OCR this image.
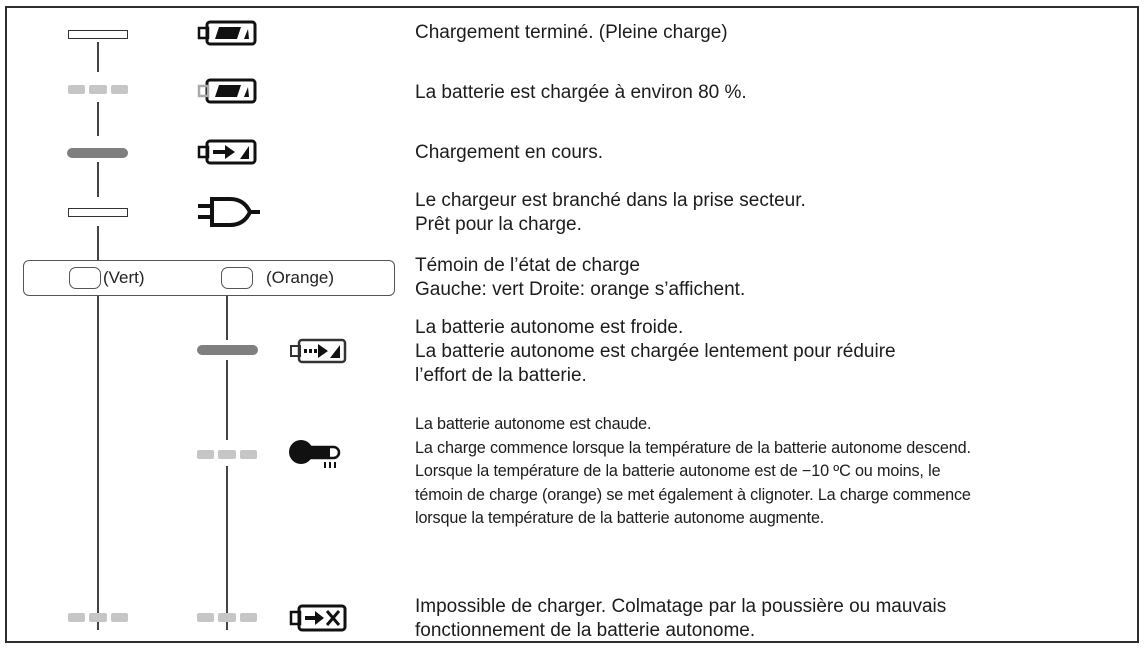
Chargement terminé. (Pleine charge)
La batterie est chargée à environ 80 %.
Chargement en cours.
Le chargeur est branché dans la prise secteur.
Prêt pour la charge.
(Vert)	(Orange)
Témoin de l’état de charge
Gauche: vert Droite: orange s’affichent.
La batterie autonome est froide.
La batterie autonome est chargée lentement pour réduire
l’effort de la batterie.
La batterie autonome est chaude.
La charge commence lorsque la température de la batterie autonome descend.
Lorsque la température de la batterie autonome est de −10 ºC ou moins, le
témoin de charge (orange) se met également à clignoter. La charge commence
lorsque la température de la batterie autonome augmente.
Impossible de charger. Colmatage par la poussière ou mauvais
fonctionnement de la batterie autonome.
